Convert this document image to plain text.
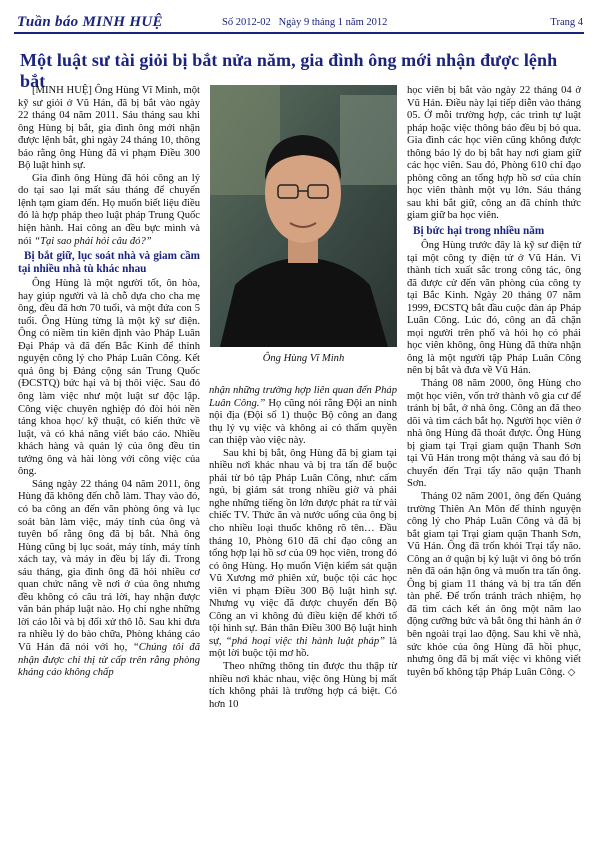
Tuần báo MINH HUỆ	Số 2012-02 Ngày 9 tháng 1 năm 2012	Trang 4
Một luật sư tài giỏi bị bắt nửa năm, gia đình ông mới nhận được lệnh bắt

[MINH HUỆ] Ông Hùng Vĩ Minh, một kỹ sư giỏi ở Vũ Hán, đã bị bắt vào ngày 22 tháng 04 năm 2011. Sáu tháng sau khi ông Hùng bị bắt, gia đình ông mới nhận được lệnh bắt, ghi ngày 24 tháng 10, thông báo rằng ông Hùng đã vi phạm Điều 300 Bộ luật hình sự.

Gia đình ông Hùng đã hỏi công an lý do tại sao lại mất sáu tháng để chuyển lệnh tạm giam đến. Họ muốn biết liệu điều đó là hợp pháp theo luật pháp Trung Quốc hiện hành. Hai công an đều bực mình và nói “Tại sao phải hỏi câu đó?”

Bị bắt giữ, lục soát nhà và giam cầm tại nhiều nhà tù khác nhau

Ông Hùng là một người tốt, ôn hòa, hay giúp người và là chỗ dựa cho cha mẹ ông, đều đã hơn 70 tuổi, và một đứa con 5 tuổi. Ông Hùng từng là một kỹ sư điện. Ông có niềm tin kiên định vào Pháp Luân Đại Pháp và đã đến Bắc Kinh để thỉnh nguyện công lý cho Pháp Luân Công. Kết quả ông bị Đảng cộng sản Trung Quốc (ĐCSTQ) bức hại và bị thôi việc. Sau đó ông làm việc như một luật sư độc lập. Công việc chuyên nghiệp đó đòi hỏi nền tảng khoa học/ kỹ thuật, có kiến thức về luật, và có khả năng viết báo cáo. Nhiều khách hàng và quản lý của ông đều tin tưởng ông và hài lòng với công việc của ông.

Sáng ngày 22 tháng 04 năm 2011, ông Hùng đã không đến chỗ làm. Thay vào đó, có ba công an đến văn phòng ông và lục soát bàn làm việc, máy tính của ông và tuyên bố rằng ông đã bị bắt. Nhà ông Hùng cũng bị lục soát, máy tính, máy tính xách tay, và máy in đều bị lấy đi. Trong sáu tháng, gia đình ông đã hỏi nhiều cơ quan chức năng về nơi ở của ông nhưng đều không có câu trả lời, hay nhận được văn bản pháp luật nào. Họ chỉ nghe những lời cáo lỗi và bị đối xử thô lỗ. Sau khi đưa ra nhiều lý do bào chữa, Phòng kháng cáo Vũ Hán đã nói với họ, “Chúng tôi đã nhận được chỉ thị từ cấp trên rằng phòng kháng cáo không chấp

Ông Hùng Vĩ Minh

nhận những trường hợp liên quan đến Pháp Luân Công.” Họ cũng nói rằng Đội an ninh nội địa (Đội số 1) thuộc Bộ công an đang thụ lý vụ việc và không ai có thẩm quyền can thiệp vào việc này.

Sau khi bị bắt, ông Hùng đã bị giam tại nhiều nơi khác nhau và bị tra tấn để buộc phải từ bỏ tập Pháp Luân Công, như: cấm ngủ, bị giám sát trong nhiều giờ và phải nghe những tiếng ồn lớn được phát ra từ vài chiếc TV. Thức ăn và nước uống của ông bị cho nhiều loại thuốc không rõ tên… Đầu tháng 10, Phòng 610 đã chỉ đạo công an tổng hợp lại hồ sơ của 09 học viên, trong đó có ông Hùng. Họ muốn Viện kiểm sát quận Vũ Xương mở phiên xử, buộc tội các học viên vi phạm Điều 300 Bộ luật hình sự. Nhưng vụ việc đã được chuyển đến Bộ Công an vì không đủ điều kiện để khởi tố tội hình sự. Bản thân Điều 300 Bộ luật hình sự, “phá hoại việc thi hành luật pháp” là một lời buộc tội mơ hồ.

Theo những thông tin được thu thập từ nhiều nơi khác nhau, việc ông Hùng bị mất tích không phải là trường hợp cá biệt. Có hơn 10

học viên bị bắt vào ngày 22 tháng 04 ở Vũ Hán. Điều này lại tiếp diễn vào tháng 05. Ở mỗi trường hợp, các trình tự luật pháp hoặc việc thông báo đều bị bỏ qua. Gia đình các học viên cũng không được thông báo lý do bị bắt hay nơi giam giữ các học viên. Sau đó, Phòng 610 chỉ đạo phòng công an tổng hợp hồ sơ của chín học viên thành một vụ lớn. Sáu tháng sau khi bắt giữ, công an đã chính thức giam giữ ba học viên.

Bị bức hại trong nhiều năm

Ông Hùng trước đây là kỹ sư điện tử tại một công ty điện tử ở Vũ Hán. Vì thành tích xuất sắc trong công tác, ông đã được cử đến văn phòng của công ty tại Bắc Kinh. Ngày 20 tháng 07 năm 1999, ĐCSTQ bắt đầu cuộc đàn áp Pháp Luân Công. Lúc đó, công an đã chặn mọi người trên phố và hỏi họ có phải học viên không, ông Hùng đã thừa nhận ông là một người tập Pháp Luân Công nên bị bắt và đưa về Vũ Hán.

Tháng 08 năm 2000, ông Hùng cho một học viên, vốn trở thành vô gia cư để tránh bị bắt, ở nhà ông. Công an đã theo dõi và tìm cách bắt họ. Người học viên ở nhà ông Hùng đã thoát được. Ông Hùng bị giam tại Trại giam quận Thanh Sơn tại Vũ Hán trong một tháng và sau đó bị chuyển đến Trại tẩy não quận Thanh Sơn.

Tháng 02 năm 2001, ông đến Quảng trường Thiên An Môn để thỉnh nguyện công lý cho Pháp Luân Công và đã bị bắt giam tại Trại giam quận Thanh Sơn, Vũ Hán. Ông đã trốn khỏi Trại tẩy não. Công an ở quận bị kỷ luật vì ông bỏ trốn nên đã oán hận ông và muốn tra tấn ông. Ông bị giam 11 tháng và bị tra tấn đến tàn phế. Để trốn tránh trách nhiệm, họ đã tìm cách kết án ông một năm lao động cưỡng bức và bắt ông thi hành án ở bên ngoài trại lao động. Sau khi về nhà, sức khỏe của ông Hùng đã hồi phục, nhưng ông đã bị mất việc vì không viết tuyên bố không tập Pháp Luân Công. ◇
